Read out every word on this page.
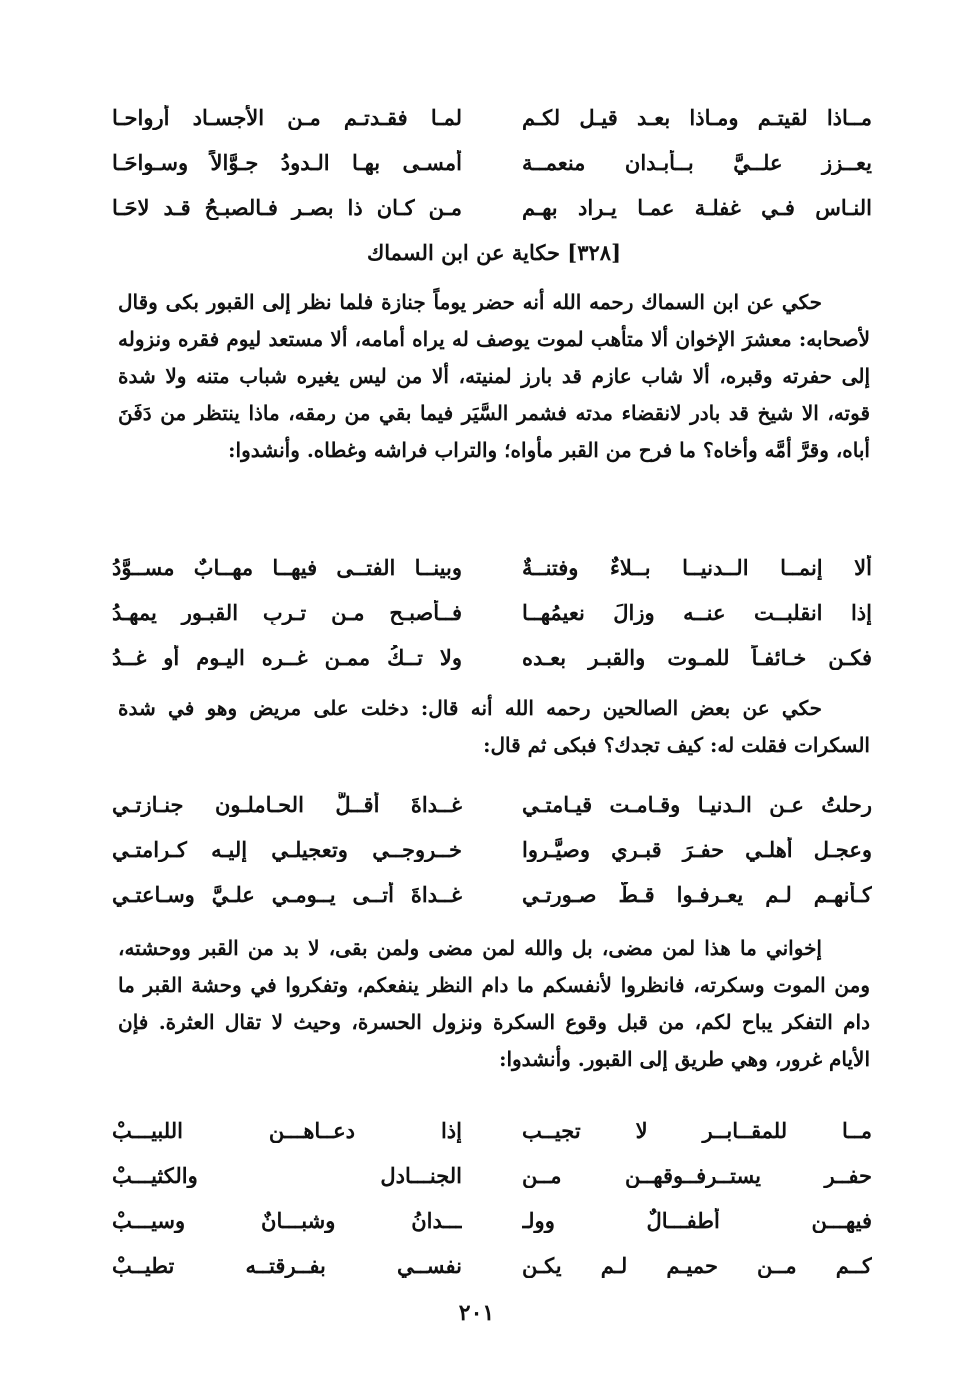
مــاذا لقيتـم ومـاذا بعـد قيـل لكـم
لمـا فقـدتـم مـن الأجسـاد أرواحـا
يعــزز علــيَّ بــأبـدان منعمــة
أمسـى بهـا الـدودُ جـوَّالاً وسـواحَـا
النـاس فـي غفلـة عمـا يـراد بهـم
مـن كـان ذا بصـرٍ فـالصبـحُ قـد لاحَـا
[٣٢٨] حكاية عن ابن السماك

حكي عن ابن السماك رحمه الله أنه حضر يوماً جنازة فلما نظر إلى القبور بكى وقال لأصحابه: معشرَ الإخوان ألا متأهب لموت يوصف له يراه أمامه، ألا مستعد ليوم فقره ونزوله إلى حفرته وقبره، ألا شاب عازم قد بارز لمنيته، ألا من ليس يغيره شباب متنه ولا شدة قوته، الا شيخ قد بادر لانقضاء مدته فشمر السَّيَر فيما بقي من رمقه، ماذا ينتظر من دَفَنَ أباه، وقرَّ أمَّه وأخاه؟ ما فرح من القبر مأواه؛ والتراب فراشه وغطاه. وأنشدوا:

ألا إنمــا الــدنيــا بــلاءٌ وفتنــةٌ
وبينــا الفتــى فيهــا مهــابٌ مســوَّدُ
إذا انقلبــت عنــه وزالَ نعيمُهــا
فــأصبـح مـن تـربِ القبـور يمهـدُ
فكـن خـائفـاً للمـوت والقبـر بعـده
ولا تــكُ ممـن غــره اليـوم أو غــدُ

حكي عن بعض الصالحين رحمه الله أنه قال: دخلت على مريض وهو في شدة السكرات فقلت له: كيف تجدك؟ فبكى ثم قال:

رحلتُ عـن الـدنيـا وقـامـت قيـامتـي
غــداةَ أقــلَّ الحـاملـون جنـازتـي
وعجـل أهلـي حفـرَ قبـري وصيَّـروا
خــروجــي وتعجيلـي إليـه كـرامتـي
كـأنهـم لـم يعـرفـوا قـطُّ صـورتـي
غــداةَ أتــى يــومـي علـيَّ وسـاعتـي

إخواني ما هذا لمن مضى، بل والله لمن مضى ولمن بقى، لا بد من القبر ووحشته، ومن الموت وسكرته، فانظروا لأنفسكم ما دام النظر ينفعكم، وتفكروا في وحشة القبر ما دام التفكر يباح لكم، من قبل وقوع السكرة ونزول الحسرة، وحيث لا تقال العثرة. فإن الأيام غرور، وهي طريق إلى القبور. وأنشدوا:

مــا للمقــابــر لا تجيــب
إذا دعــاهـــن اللبيـــبْ
حفــر يستــرفــوقهــن مــن
الجنـــادل والكثيـــبْ
فيهـــن أطفـــالٌ وولـ
ـــدانُ وشبـــانٌ وسيـــبْ
كــم مــن حميـم لـم يكـن
نفســي بفــرقتــه تطيــبْ
٢٠١
